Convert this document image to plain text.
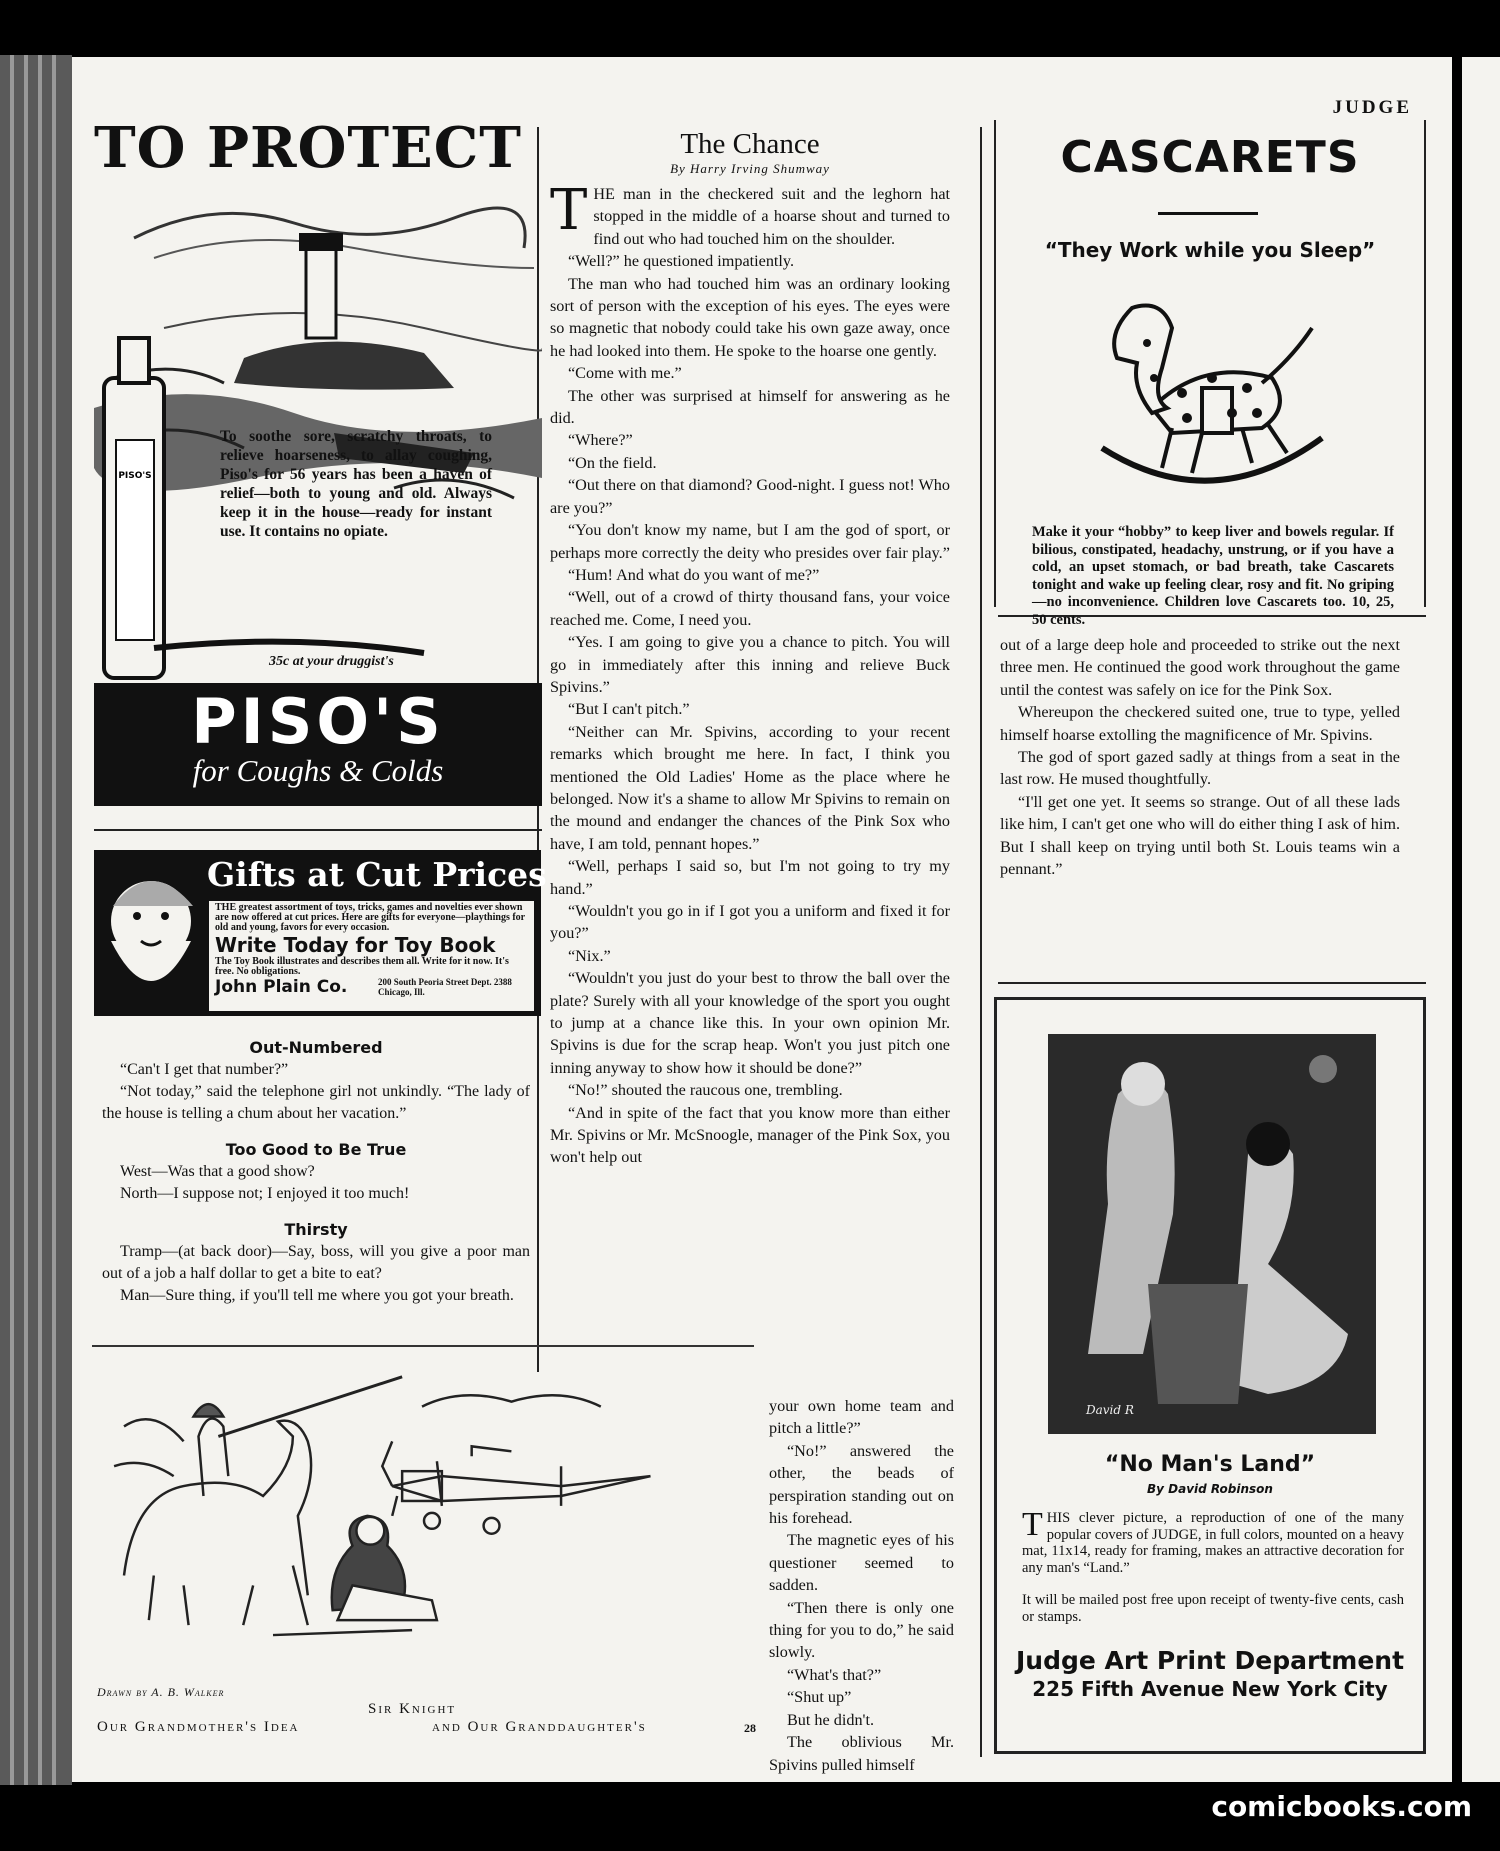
JUDGE
TO PROTECT
PISO'S
To soothe sore, scratchy throats, to relieve hoarseness, to allay coughing, Piso's for 56 years has been a haven of relief—both to young and old. Always keep it in the house—ready for instant use. It contains no opiate.
35c at your druggist's
PISO'S
for Coughs & Colds
Gifts at Cut Prices
THE greatest assortment of toys, tricks, games and novelties ever shown are now offered at cut prices. Here are gifts for everyone—playthings for old and young, favors for every occasion.
Write Today for Toy Book
The Toy Book illustrates and describes them all. Write for it now. It's free. No obligations.
John Plain Co.	200 South Peoria Street Dept. 2388 Chicago, Ill.
Out-Numbered

“Can't I get that number?”

“Not today,” said the telephone girl not unkindly. “The lady of the house is telling a chum about her vacation.”

Too Good to Be True

West—Was that a good show?

North—I suppose not; I enjoyed it too much!

Thirsty

Tramp—(at back door)—Say, boss, will you give a poor man out of a job a half dollar to get a bite to eat?

Man—Sure thing, if you'll tell me where you got your breath.

The Chance
By Harry Irving Shumway

THE man in the checkered suit and the leghorn hat stopped in the middle of a hoarse shout and turned to find out who had touched him on the shoulder.

“Well?” he questioned impatiently.

The man who had touched him was an ordinary looking sort of person with the exception of his eyes. The eyes were so magnetic that nobody could take his own gaze away, once he had looked into them. He spoke to the hoarse one gently.

“Come with me.”

The other was surprised at himself for answering as he did.

“Where?”

“On the field.

“Out there on that diamond? Good-night. I guess not! Who are you?”

“You don't know my name, but I am the god of sport, or perhaps more correctly the deity who presides over fair play.”

“Hum! And what do you want of me?”

“Well, out of a crowd of thirty thousand fans, your voice reached me. Come, I need you.

“Yes. I am going to give you a chance to pitch. You will go in immediately after this inning and relieve Buck Spivins.”

“But I can't pitch.”

“Neither can Mr. Spivins, according to your recent remarks which brought me here. In fact, I think you mentioned the Old Ladies' Home as the place where he belonged. Now it's a shame to allow Mr Spivins to remain on the mound and endanger the chances of the Pink Sox who have, I am told, pennant hopes.”

“Well, perhaps I said so, but I'm not going to try my hand.”

“Wouldn't you go in if I got you a uniform and fixed it for you?”

“Nix.”

“Wouldn't you just do your best to throw the ball over the plate? Surely with all your knowledge of the sport you ought to jump at a chance like this. In your own opinion Mr. Spivins is due for the scrap heap. Won't you just pitch one inning anyway to show how it should be done?”

“No!” shouted the raucous one, trembling.

“And in spite of the fact that you know more than either Mr. Spivins or Mr. McSnoogle, manager of the Pink Sox, you won't help out

your own home team and pitch a little?”

“No!” answered the other, the beads of perspiration standing out on his forehead.

The magnetic eyes of his questioner seemed to sadden.

“Then there is only one thing for you to do,” he said slowly.

“What's that?”

“Shut up”

But he didn't.

The oblivious Mr. Spivins pulled himself

out of a large deep hole and proceeded to strike out the next three men. He continued the good work throughout the game until the contest was safely on ice for the Pink Sox.

Whereupon the checkered suited one, true to type, yelled himself hoarse extolling the magnificence of Mr. Spivins.

The god of sport gazed sadly at things from a seat in the last row. He mused thoughtfully.

“I'll get one yet. It seems so strange. Out of all these lads like him, I can't get one who will do either thing I ask of him. But I shall keep on trying until both St. Louis teams win a pennant.”

Drawn by A. B. Walker
Sir Knight
Our Grandmother's Idea	and Our Granddaughter's	28
CASCARETS
“They Work while you Sleep”
Make it your “hobby” to keep liver and bowels regular. If bilious, constipated, headachy, unstrung, or if you have a cold, an upset stomach, or bad breath, take Cascarets tonight and wake up feeling clear, rosy and fit. No griping—no inconvenience. Children love Cascarets too. 10, 25, 50 cents.
David R
“No Man's Land”
By David Robinson
THIS clever picture, a reproduction of one of the many popular covers of JUDGE, in full colors, mounted on a heavy mat, 11x14, ready for framing, makes an attractive decoration for any man's “Land.”
It will be mailed post free upon receipt of twenty-five cents, cash or stamps.
Judge Art Print Department
225 Fifth Avenue New York City
comicbooks.com
